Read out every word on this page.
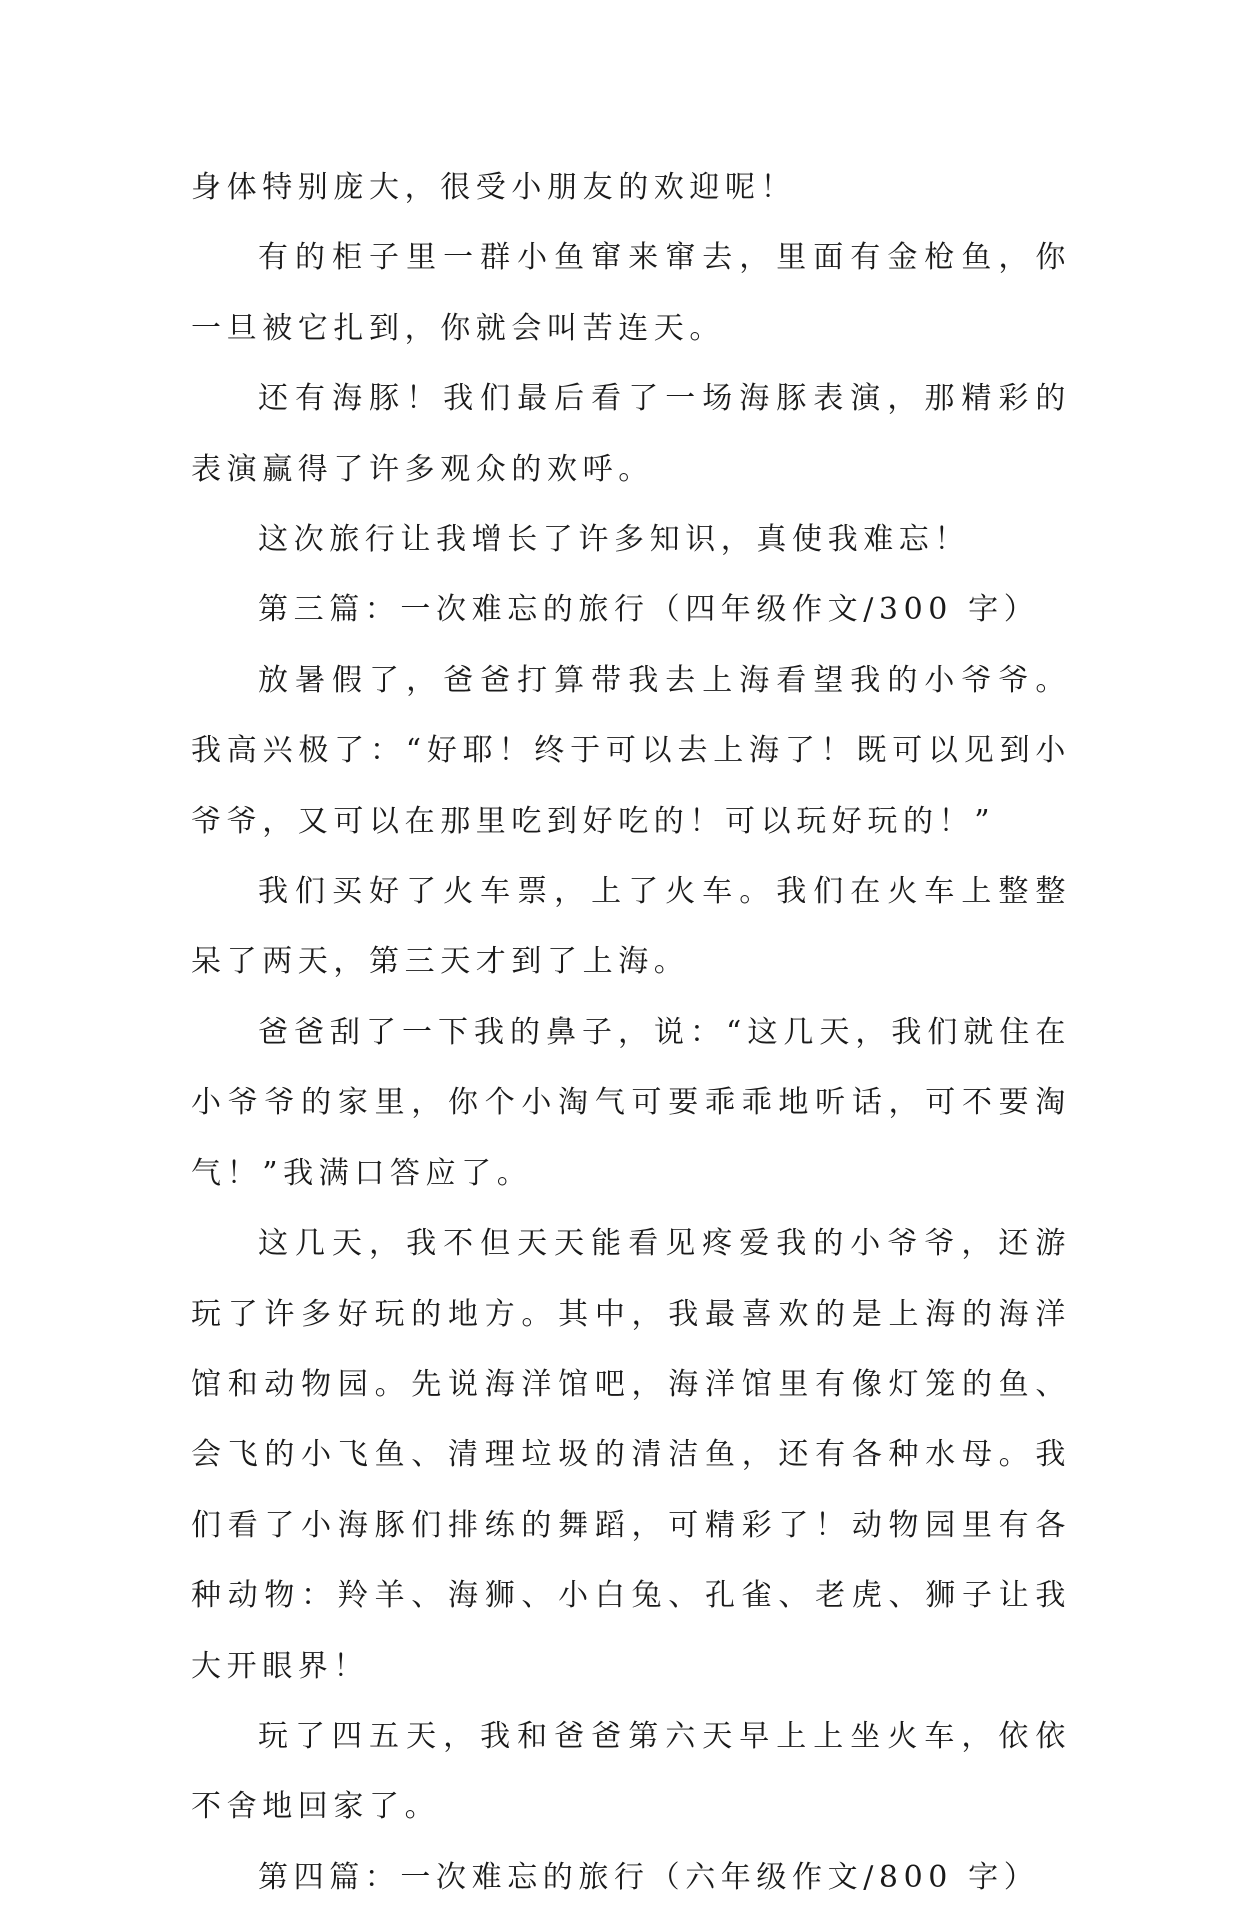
身体特别庞大，很受小朋友的欢迎呢！

有的柜子里一群小鱼窜来窜去，里面有金枪鱼，你一旦被它扎到，你就会叫苦连天。

还有海豚！我们最后看了一场海豚表演，那精彩的表演赢得了许多观众的欢呼。

这次旅行让我增长了许多知识，真使我难忘！

第三篇：一次难忘的旅行（四年级作文/300 字）

放暑假了，爸爸打算带我去上海看望我的小爷爷。我高兴极了：“好耶！终于可以去上海了！既可以见到小爷爷，又可以在那里吃到好吃的！可以玩好玩的！”

我们买好了火车票，上了火车。我们在火车上整整呆了两天，第三天才到了上海。

爸爸刮了一下我的鼻子，说：“这几天，我们就住在小爷爷的家里，你个小淘气可要乖乖地听话，可不要淘气！”我满口答应了。

这几天，我不但天天能看见疼爱我的小爷爷，还游玩了许多好玩的地方。其中，我最喜欢的是上海的海洋馆和动物园。先说海洋馆吧，海洋馆里有像灯笼的鱼、会飞的小飞鱼、清理垃圾的清洁鱼，还有各种水母。我们看了小海豚们排练的舞蹈，可精彩了！动物园里有各种动物：羚羊、海狮、小白兔、孔雀、老虎、狮子让我大开眼界！

玩了四五天，我和爸爸第六天早上上坐火车，依依不舍地回家了。

第四篇：一次难忘的旅行（六年级作文/800 字）
